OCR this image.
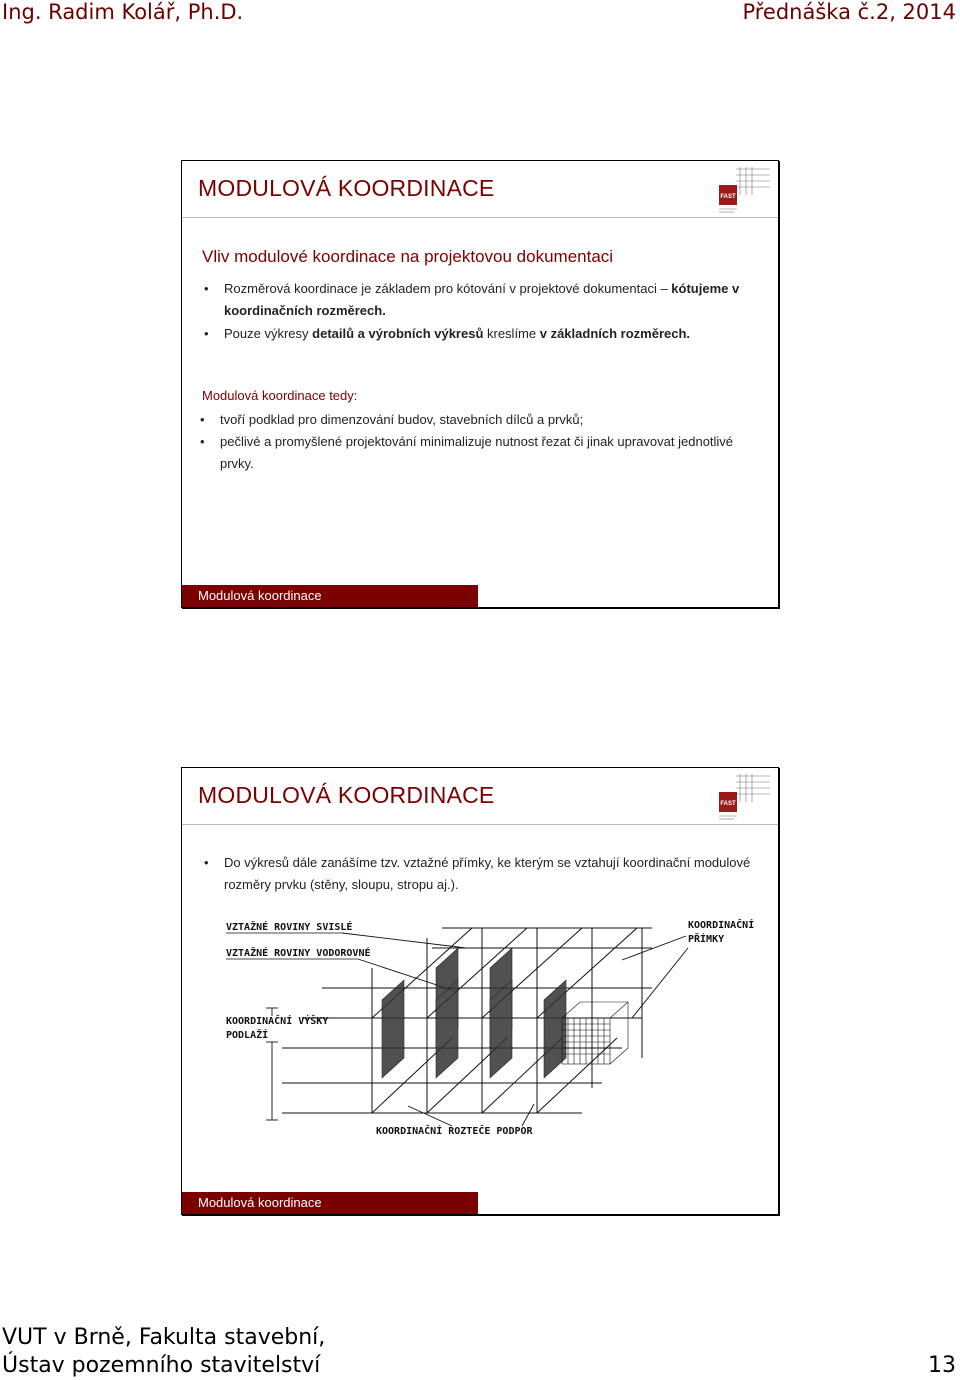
Ing. Radim Kolář, Ph.D.	Přednáška č.2, 2014
MODULOVÁ KOORDINACE	FAST
Vliv modulové koordinace na projektovou dokumentaci
• Rozměrová koordinace je základem pro kótování v projektové dokumentaci – kótujeme v koordinačních rozměrech.
• Pouze výkresy detailů a výrobních výkresů kreslíme v základních rozměrech.
Modulová koordinace tedy:
• tvoří podklad pro dimenzování budov, stavebních dílců a prvků;
• pečlivé a promyšlené projektování minimalizuje nutnost řezat či jinak upravovat jednotlivé prvky.
Modulová koordinace
MODULOVÁ KOORDINACE	FAST
• Do výkresů dále zanášíme tzv. vztažné přímky, ke kterým se vztahují koordinační modulové rozměry prvku (stěny, sloupu, stropu aj.).
VZTAŽNÉ ROVINY SVISLÉ
VZTAŽNÉ ROVINY VODOROVNÉ
KOORDINAČNÍ VÝŠKY
PODLAŽÍ
KOORDINAČNÍ
PŘÍMKY
KOORDINAČNÍ ROZTEČE PODPOR
Modulová koordinace
VUT v Brně, Fakulta stavební,
Ústav pozemního stavitelství	13
